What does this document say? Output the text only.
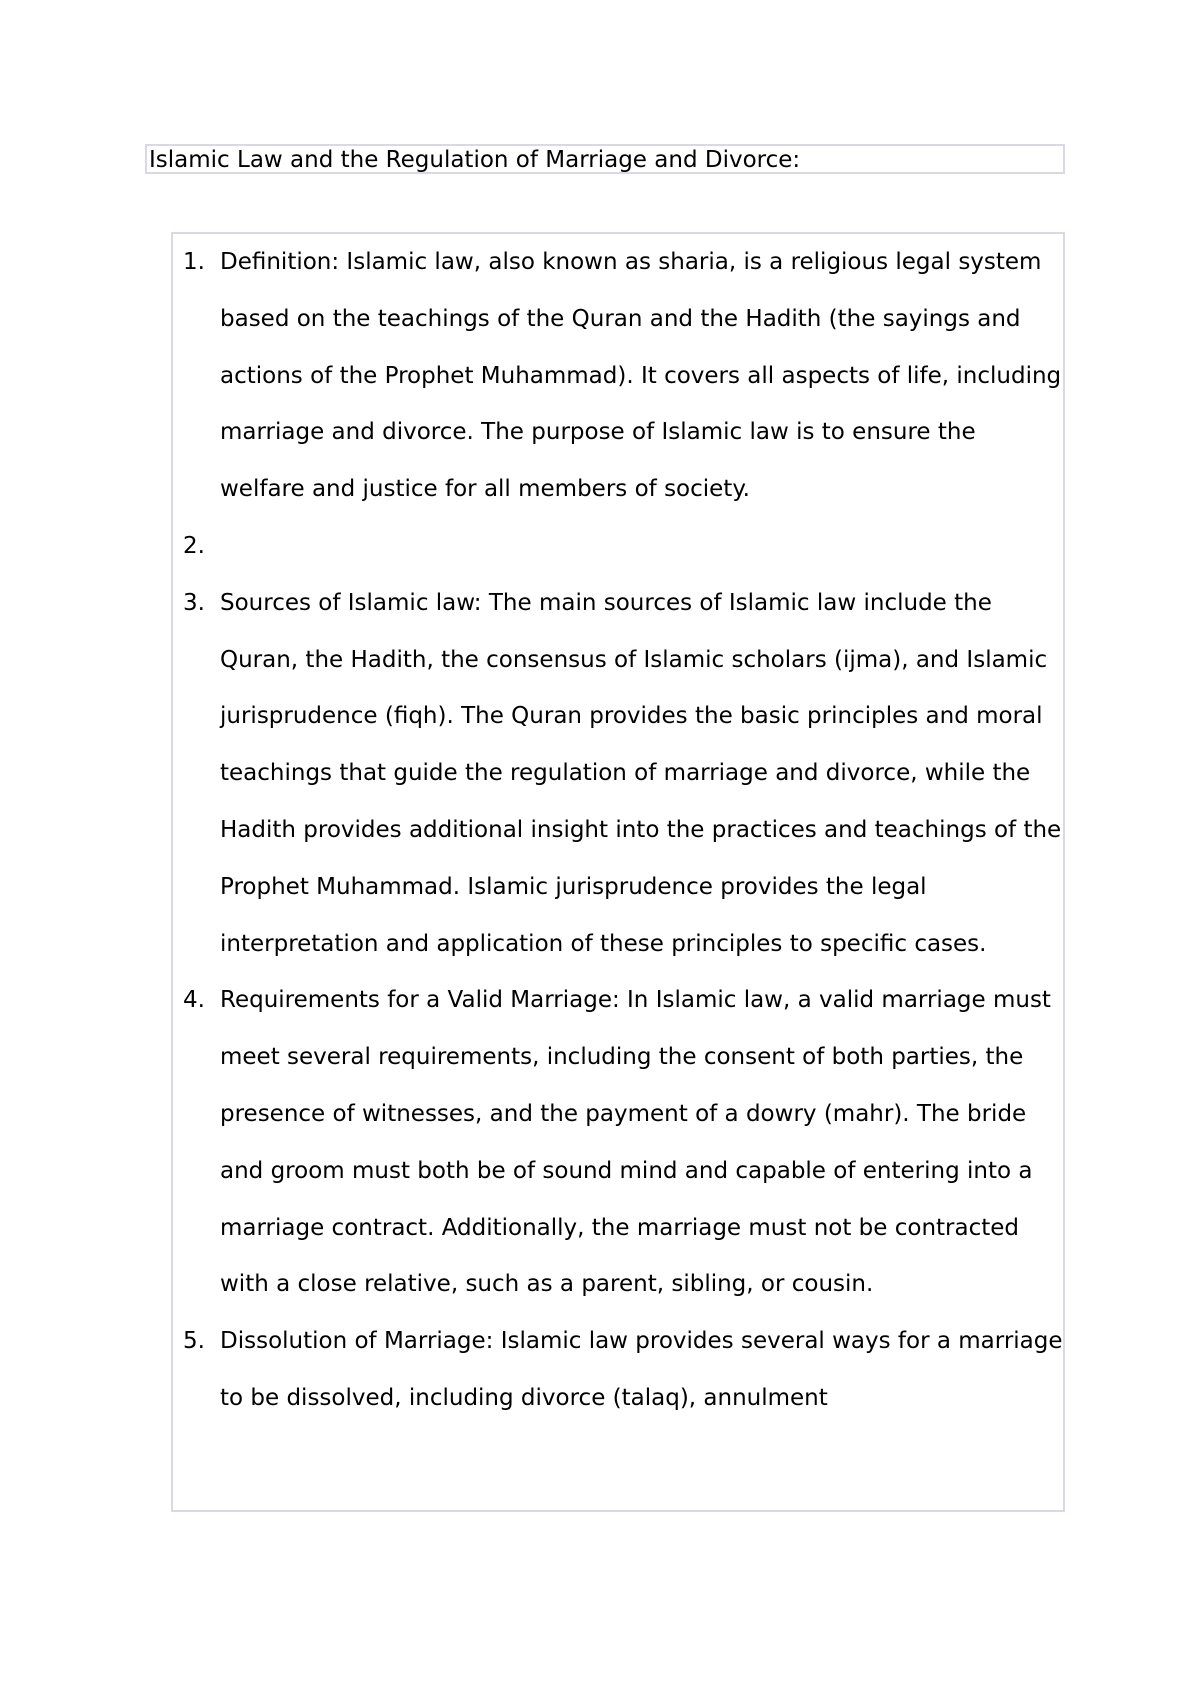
Islamic Law and the Regulation of Marriage and Divorce:
1. Definition: Islamic law, also known as sharia, is a religious legal system based on the teachings of the Quran and the Hadith (the sayings and actions of the Prophet Muhammad). It covers all aspects of life, including marriage and divorce. The purpose of Islamic law is to ensure the welfare and justice for all members of society.
2.
3. Sources of Islamic law: The main sources of Islamic law include the Quran, the Hadith, the consensus of Islamic scholars (ijma), and Islamic jurisprudence (fiqh). The Quran provides the basic principles and moral teachings that guide the regulation of marriage and divorce, while the Hadith provides additional insight into the practices and teachings of the Prophet Muhammad. Islamic jurisprudence provides the legal interpretation and application of these principles to specific cases.
4. Requirements for a Valid Marriage: In Islamic law, a valid marriage must meet several requirements, including the consent of both parties, the presence of witnesses, and the payment of a dowry (mahr). The bride and groom must both be of sound mind and capable of entering into a marriage contract. Additionally, the marriage must not be contracted with a close relative, such as a parent, sibling, or cousin.
5. Dissolution of Marriage: Islamic law provides several ways for a marriage to be dissolved, including divorce (talaq), annulment
